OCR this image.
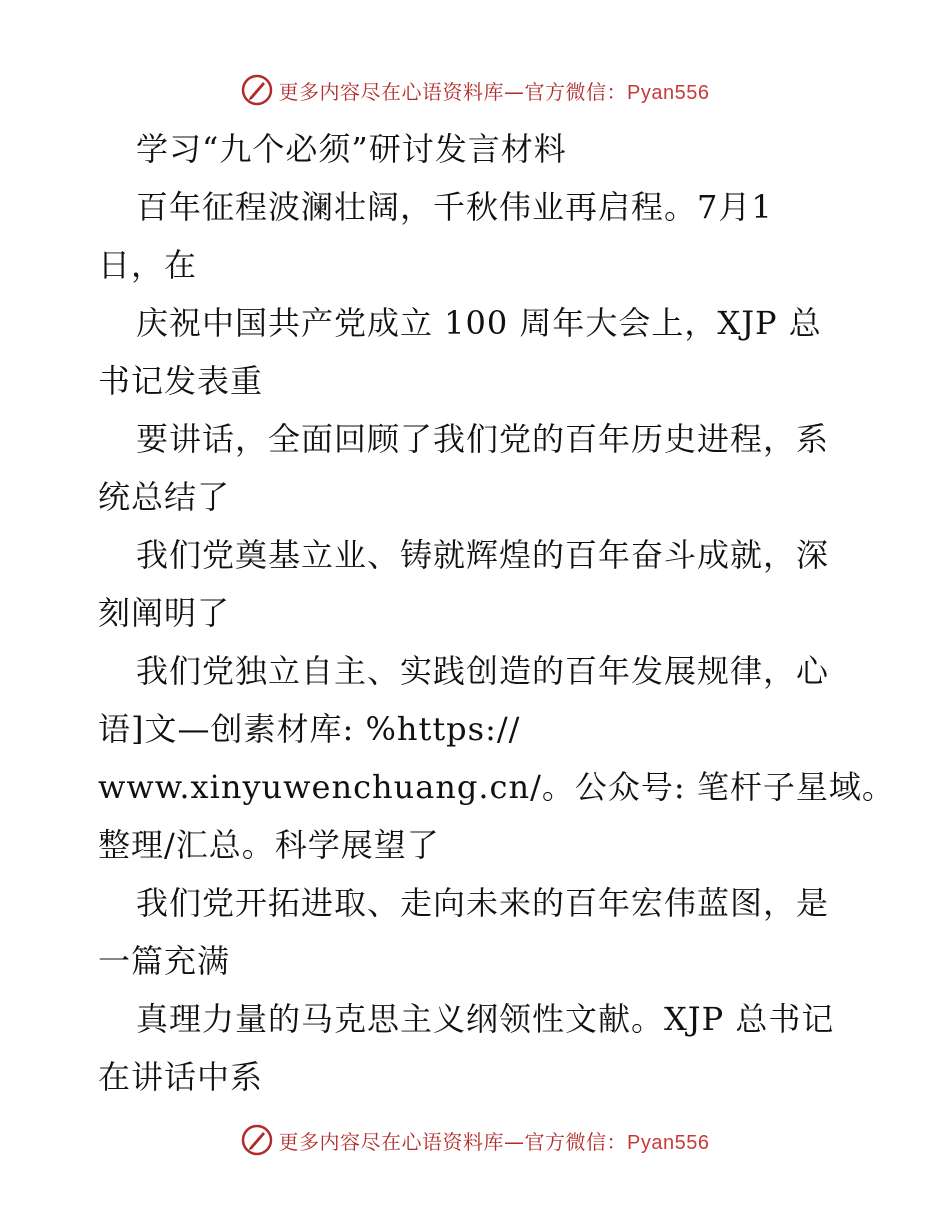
更多内容尽在心语资料库—官方微信：Pyan556
学习“九个必须”研讨发言材料
百年征程波澜壮阔，千秋伟业再启程。7月1
日，在
庆祝中国共产党成立 100 周年大会上，XJP 总
书记发表重
要讲话，全面回顾了我们党的百年历史进程，系
统总结了
我们党奠基立业、铸就辉煌的百年奋斗成就，深
刻阐明了
我们党独立自主、实践创造的百年发展规律，心
语]文—创素材库: %https://
www.xinyuwenchuang.cn/。公众号: 笔杆子星域。
整理/汇总。科学展望了
我们党开拓进取、走向未来的百年宏伟蓝图，是
一篇充满
真理力量的马克思主义纲领性文献。XJP 总书记
在讲话中系
更多内容尽在心语资料库—官方微信：Pyan556
